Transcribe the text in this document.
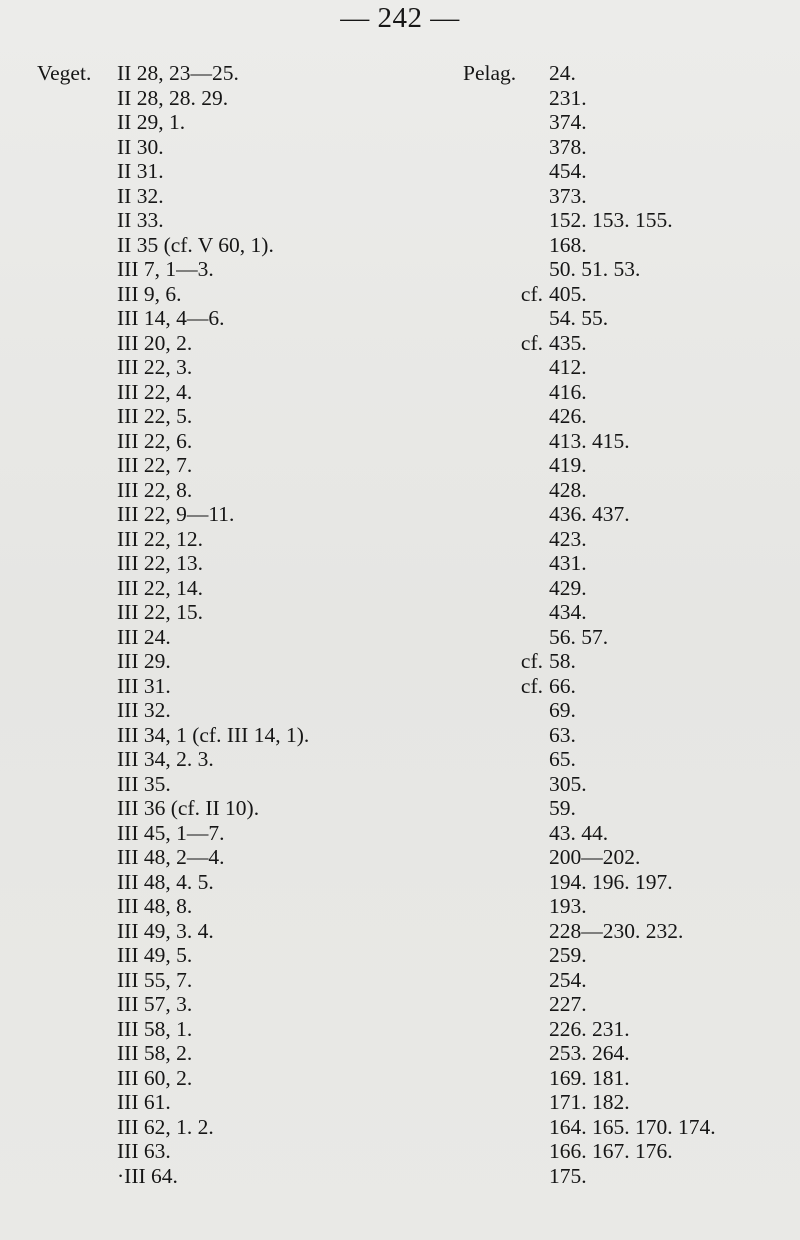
— 242 —
Veget. II 28, 23—25.
II 28, 28. 29.
II 29, 1.
II 30.
II 31.
II 32.
II 33.
II 35 (cf. V 60, 1).
III 7, 1—3.
III 9, 6.
III 14, 4—6.
III 20, 2.
III 22, 3.
III 22, 4.
III 22, 5.
III 22, 6.
III 22, 7.
III 22, 8.
III 22, 9—11.
III 22, 12.
III 22, 13.
III 22, 14.
III 22, 15.
III 24.
III 29.
III 31.
III 32.
III 34, 1 (cf. III 14, 1).
III 34, 2. 3.
III 35.
III 36 (cf. II 10).
III 45, 1—7.
III 48, 2—4.
III 48, 4. 5.
III 48, 8.
III 49, 3. 4.
III 49, 5.
III 55, 7.
III 57, 3.
III 58, 1.
III 58, 2.
III 60, 2.
III 61.
III 62, 1. 2.
III 63.
·III 64.
Pelag.	24.
231.
374.
378.
454.
373.
152. 153. 155.
168.
50. 51. 53.
cf. 405.
54. 55.
cf. 435.
412.
416.
426.
413. 415.
419.
428.
436. 437.
423.
431.
429.
434.
56. 57.
cf. 58.
cf. 66.
69.
63.
65.
305.
59.
43. 44.
200—202.
194. 196. 197.
193.
228—230. 232.
259.
254.
227.
226. 231.
253. 264.
169. 181.
171. 182.
164. 165. 170. 174.
166. 167. 176.
175.
